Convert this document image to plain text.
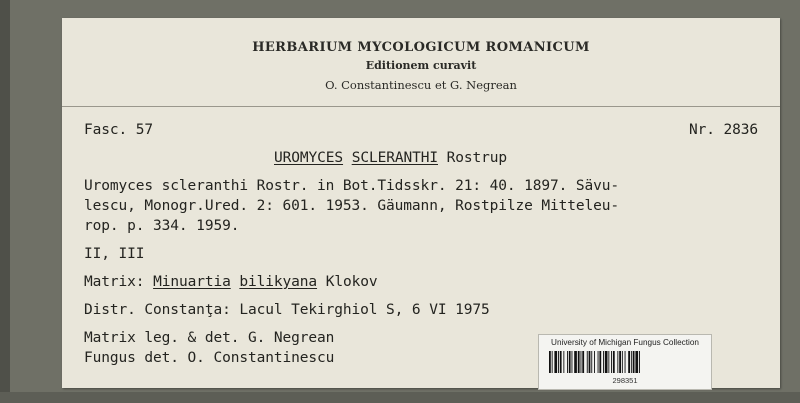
HERBARIUM MYCOLOGICUM ROMANICUM
Editionem curavit
O. Constantinescu et G. Negrean
Fasc. 57	Nr. 2836
UROMYCES SCLERANTHI Rostrup
Uromyces scleranthi Rostr. in Bot.Tidsskr. 21: 40. 1897. Sävu-
lescu, Monogr.Ured. 2: 601. 1953. Gäumann, Rostpilze Mitteleu-
rop. p. 334. 1959.
II, III
Matrix: Minuartia bilikyana Klokov
Distr. Constanţa: Lacul Tekirghiol S, 6 VI 1975
Matrix leg. & det. G. Negrean
Fungus det. O. Constantinescu
University of Michigan Fungus Collection
298351
